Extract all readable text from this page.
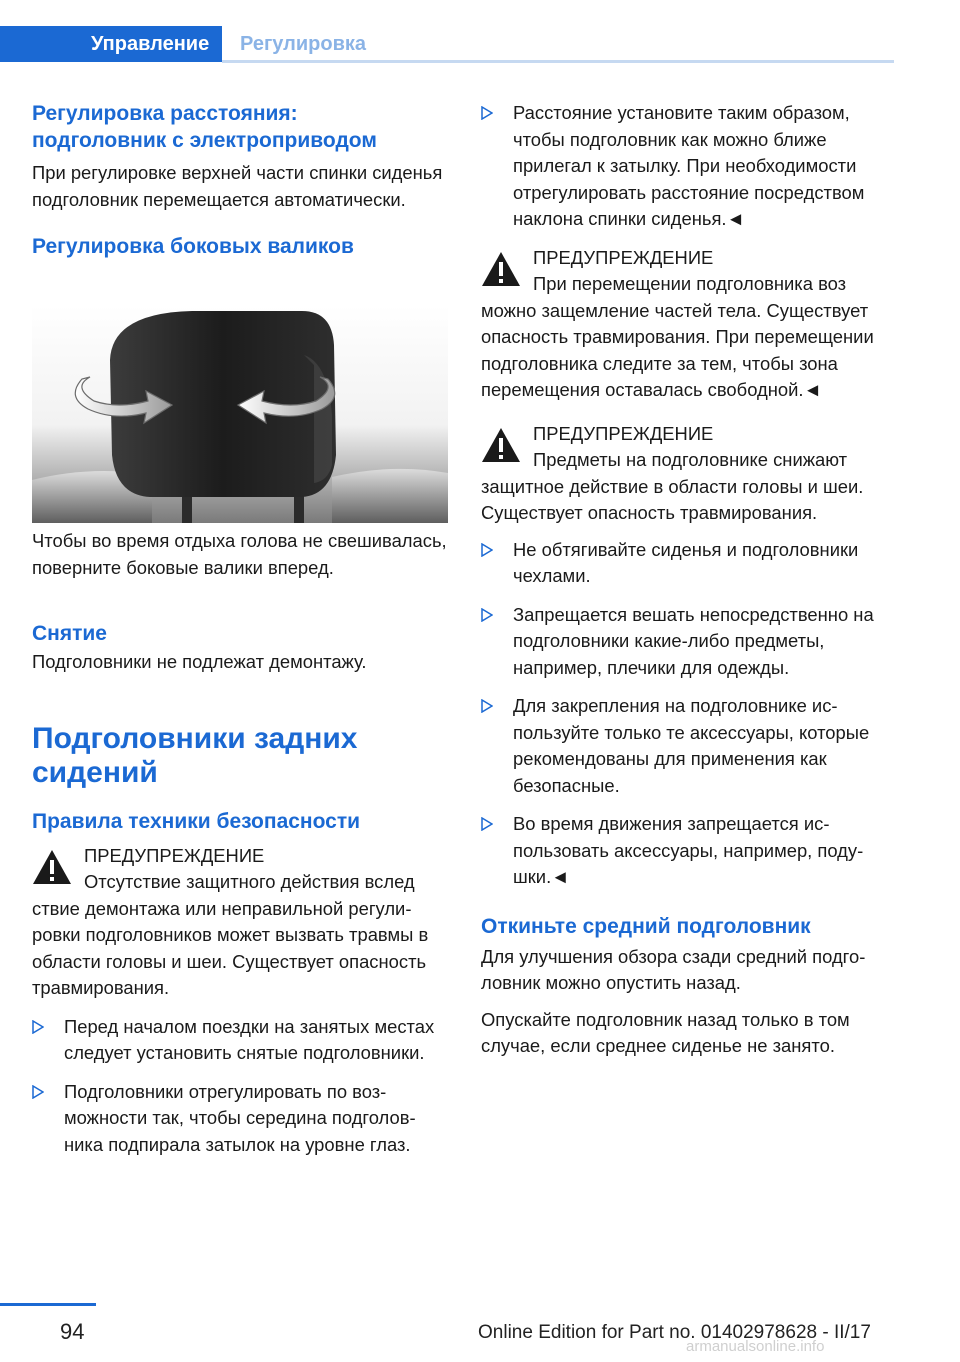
Управление	Регулировка
Регулировка расстояния: подголовник с электроприводом

При регулировке верхней части спинки сиденья подголовник перемещается автоматически.

Регулировка боковых валиков

Чтобы во время отдыха голова не свешивалась, поверните боковые валики вперед.

Снятие

Подголовники не подлежат демонтажу.

Подголовники задних сидений
Правила техники безопасности
ПРЕДУПРЕЖДЕНИЕ
Отсутствие защитного действия вслед
ствие демонтажа или неправильной регулировки подголовников может вызвать травмы в области головы и шеи. Существует опасность травмирования.
Перед началом поездки на занятых местах следует установить снятые подголовники.
Подголовники отрегулировать по возможности так, чтобы середина подголовника подпирала затылок на уровне глаз.
Расстояние установите таким образом, чтобы подголовник как можно ближе прилегал к затылку. При необходимости отрегулировать расстояние посредством наклона спинки сиденья.◄
ПРЕДУПРЕЖДЕНИЕ
При перемещении подголовника воз
можно защемление частей тела. Существует опасность травмирования. При перемещении подголовника следите за тем, чтобы зона перемещения оставалась свободной.◄
ПРЕДУПРЕЖДЕНИЕ
Предметы на подголовнике снижают
защитное действие в области головы и шеи. Существует опасность травмирования.
Не обтягивайте сиденья и подголовники чехлами.
Запрещается вешать непосредственно на подголовники какие-либо предметы, например, плечики для одежды.
Для закрепления на подголовнике используйте только те аксессуары, которые рекомендованы для применения как безопасные.
Во время движения запрещается использовать аксессуары, например, подушки.◄
Откиньте средний подголовник

Для улучшения обзора сзади средний подголовник можно опустить назад.

Опускайте подголовник назад только в том случае, если среднее сиденье не занято.

94	Online Edition for Part no. 01402978628 - II/17
armanualsonline.info
